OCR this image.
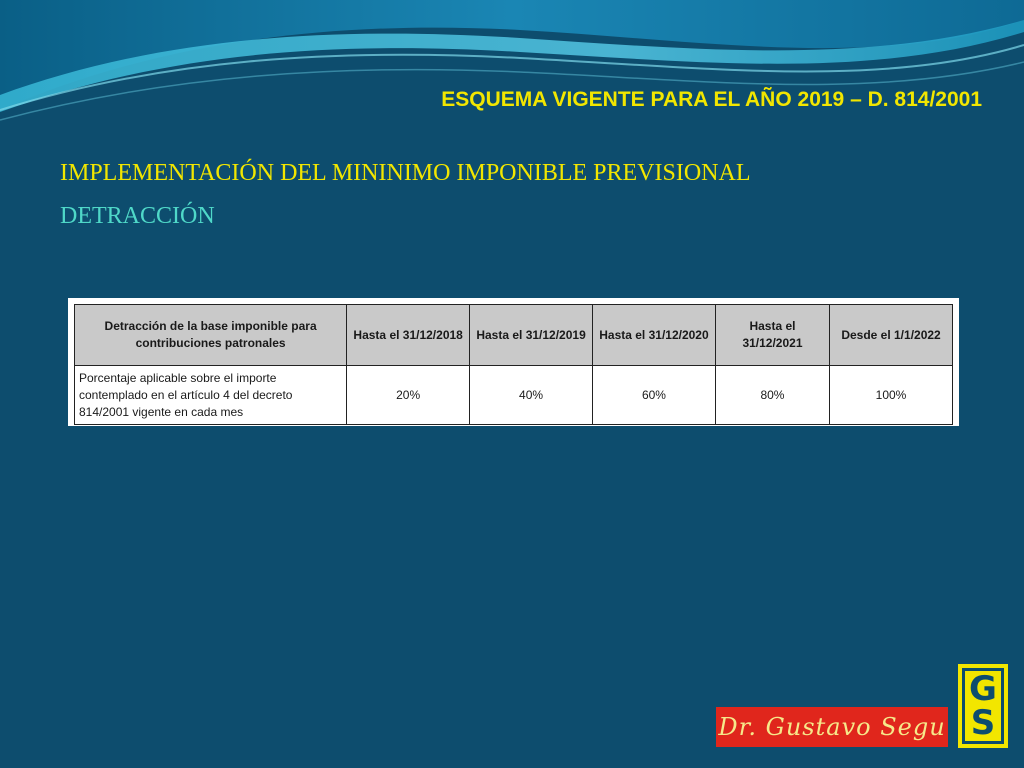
ESQUEMA VIGENTE PARA EL AÑO 2019 – D. 814/2001
IMPLEMENTACIÓN DEL MININIMO IMPONIBLE PREVISIONAL
DETRACCIÓN
Detracción de la base imponible para contribuciones patronales	Hasta el 31/12/2018	Hasta el 31/12/2019	Hasta el 31/12/2020	Hasta el 31/12/2021	Desde el 1/1/2022
Porcentaje aplicable sobre el importe contemplado en el artículo 4 del decreto 814/2001 vigente en cada mes	20%	40%	60%	80%	100%
Dr. Gustavo Segu
G
S
